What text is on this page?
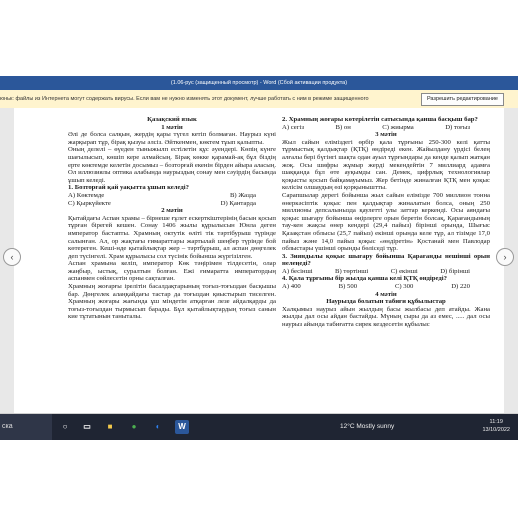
(1.06-рус (защищенный просмотр) - Word (Сбой активации продукта)
юньк: файлы из Интернета могут содержать вирусы. Если вам не нужно изменять этот документ, лучше работать с ним в режиме защищенного	Разрешить редактирование

Қазақский язык

1 мәтін

Әлі де болса салқын, жердің қары түгел кетіп болмаған. Наурыз күні жарқырап тұр, бірақ қызуы әлсіз. Әйткенмен, көктем тұып қалыпты.

Оның делелі – өүеден тыныжылп естілетін құс әуендері. Көпің күнге шағылысып, көшіп кере алмайсың. Бірақ көкке қарамай-ақ бұл біздің ерте көктемде келетін досымыз – бозторғай екенін бірден айыра аласың. Ол иллюзиялы оптика алабында наурыздың сонау мен сәуірдің басында ұшып келеді.

1. Бозторғай қай уақытта ұшып келеді?

A) Көктемде	B) Жазда
C) Қыркүйекте	D) Қантарда

2 мәтін

Қытайдағы Аспан храмы – бірнеше ғұлет ескерткіштерінің басын қосып тұрған бірегей кешен. Сонау 1406 жылы құрылысын Юнла деген император бастапты. Храмның октутік өліті тік тәртібурыш түрінде салынған. Ал, ор жақтағы ғимараттары жартылай шеңбер түрінде бой көтереген. Кеші-нде қытайлықтар жер – тәртбұрыш, ал аспан дөңгелек деп түсінгелі. Храм құрылысы сол түсінік бойынша жүргізілген.

Аспан храмына келіп, император Көк тәңірімен тілдесетін, олар жаңбыр, ыстық, суралтын болған. Ежі ғимаратта императордың аспанмен сөйлесетін орны сақталған.

Храмның жоғарғы ірелітін басалдақтарының тоғыз-тоғыздан басқышы бар. Дөңгелек алаңқайдағы тастар да тоғыздан қиыстырып тиселген. Храмның жоғары жағында ұш міндетін атқарған лeзе айдалқарды да тоғыз-тоғыздан тырмысып барады. Бұл қытайлықтардың тоғыз санын киe тұтатынын таныталы.

2. Храмның жоғары көтерілетін сатысында қанша басқыш бар?

A) сегіз	B) он	C) жиырма	D) тоғыз

3 мәтін

Жыл сайын еліміздегі өрбір қала тұрғыны 250-300 келі қатты тұрмыстық қалдықтар (ҚТҚ) өндіреді екен. Жайылдану үрдісі белең алғалы берi бүгінгі шақта одан ауыл тұрғындары да кенде қалып жатқан жоқ. Осы шифры жұмыр жерді мекендейтін 7 миллиард адамға шаққанда бұл өте ауқымды сан. Демек, цифрлық технологиялар қоқысты қосып байқамауымыз. Жер бетінде жиналған ҚТҚ мен қоқыс келісім олшаудың өзі қорқыныштты.

Сарапшылар дерегі бойынша жыл сайын елімізде 700 миллион тонна өнеркәсіптік қоқыс пен қалдықтар жиналатын болса, оның 250 миллионы депсалынызда қаулетті улы заттар керкенді. Осы аяндағы қоқыс шығару бойынша өңірлерге орын беретін болсақ, Қарағандының тау-кен жақсы өнер кендері (29,4 пайыз) бірінші орында, Шығыс Қазақстан облысы (25,7 пайыз) екінші орында келе тұр, ал тізімде 17,0 пайыз және 14,0 пайыз қоқыс «өндіретін» Қостанай мен Павлодар облыстары үшінші орынды бөліседі тұр.

3. Зияндылы қоқыс шығару бойынша Қарағанды нешінші орын нелеңеді?

A) бесінші	B) төртінші	C) екінші	D) бірінші

4. Қала тұрғыны бір жылда қанша келі ҚТҚ өндіреді?

A) 400	B) 500	C) 300	D) 220

4 мәтін

Наурызда болатын табиғи құбылыстар

Халқымыз наурыз айын жылдың басы жылбасы деп атайды. Жана жылды дал осы айдан бастайды. Мүның сыры да аз емес, ..... дал осы наурыз айында табиғатта сирек кездесетін құбылыс

‹	›
ска	○	▭	■	●	◐	W	12°C Mostly sunny
11:19
13/10/2022
